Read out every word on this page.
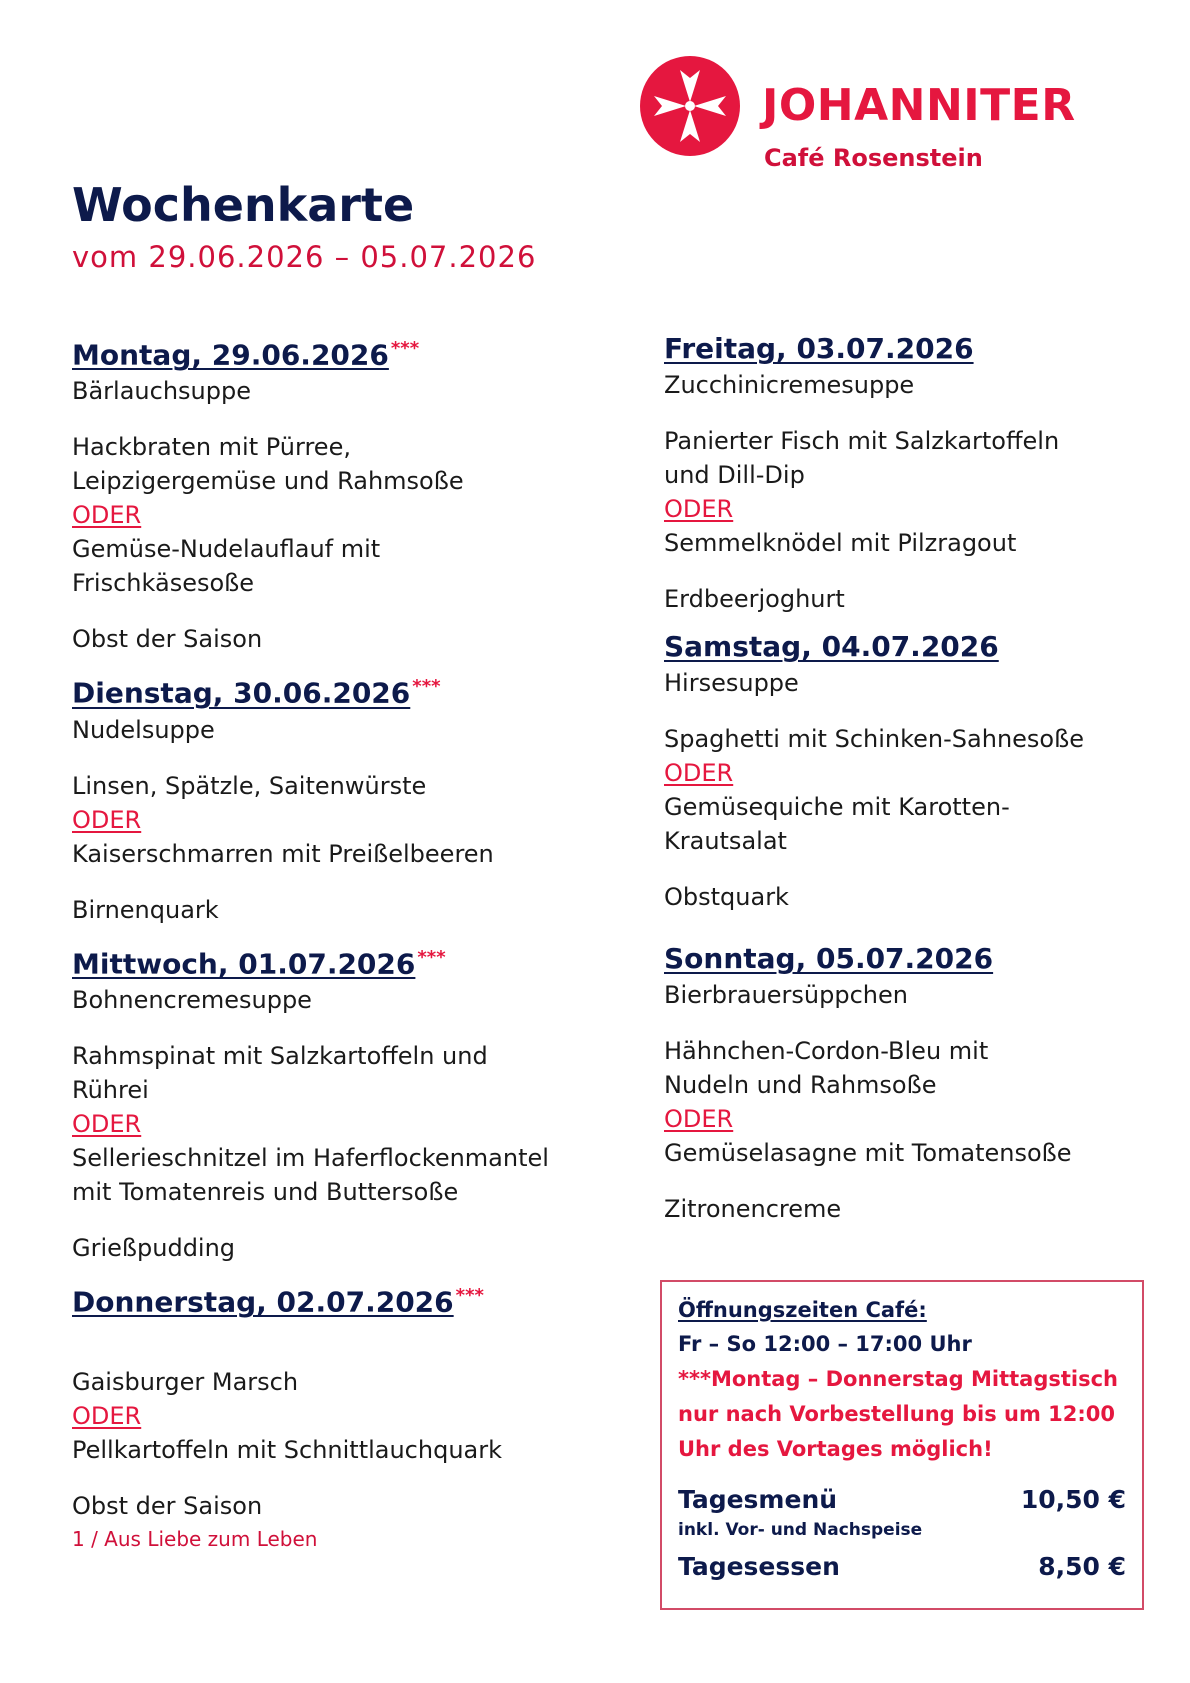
JOHANNITER
Café Rosenstein
Wochenkarte
vom 29.06.2026 – 05.07.2026
Montag, 29.06.2026 ***
Bärlauchsuppe
Hackbraten mit Pürree,
Leipzigergemüse und Rahmsoße
ODER
Gemüse-Nudelauflauf mit
Frischkäsesoße
Obst der Saison
Dienstag, 30.06.2026 ***
Nudelsuppe
Linsen, Spätzle, Saitenwürste
ODER
Kaiserschmarren mit Preißelbeeren
Birnenquark
Mittwoch, 01.07.2026 ***
Bohnencremesuppe
Rahmspinat mit Salzkartoffeln und
Rührei
ODER
Sellerieschnitzel im Haferflockenmantel
mit Tomatenreis und Buttersoße
Grießpudding
Donnerstag, 02.07.2026 ***
Gaisburger Marsch
ODER
Pellkartoffeln mit Schnittlauchquark
Obst der Saison
1 / Aus Liebe zum Leben
Freitag, 03.07.2026
Zucchinicremesuppe
Panierter Fisch mit Salzkartoffeln
und Dill-Dip
ODER
Semmelknödel mit Pilzragout
Erdbeerjoghurt
Samstag, 04.07.2026
Hirsesuppe
Spaghetti mit Schinken-Sahnesoße
ODER
Gemüsequiche mit Karotten-
Krautsalat
Obstquark
Sonntag, 05.07.2026
Bierbrauersüppchen
Hähnchen-Cordon-Bleu mit
Nudeln und Rahmsoße
ODER
Gemüselasagne mit Tomatensoße
Zitronencreme
Öffnungszeiten Café:
Fr – So 12:00 – 17:00 Uhr
***Montag – Donnerstag Mittagstisch
nur nach Vorbestellung bis um 12:00
Uhr des Vortages möglich!
Tagesmenü	10,50 €
inkl. Vor- und Nachspeise
Tagesessen	8,50 €
